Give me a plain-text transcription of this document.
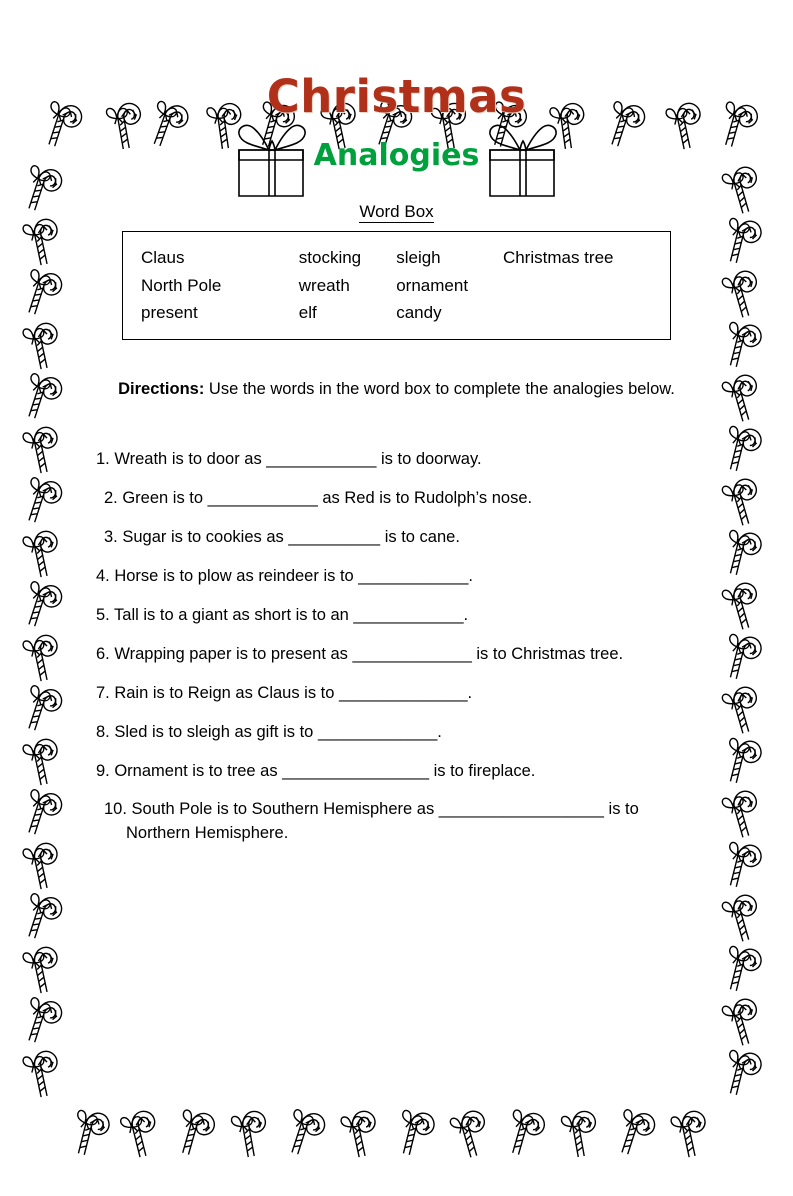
Christmas
Analogies
Word Box
Claus	stocking	sleigh	Christmas tree
North Pole	wreath	ornament
present	elf	candy
Directions: Use the words in the word box to complete the analogies below.
1. Wreath is to door as ____________ is to doorway.
2. Green is to ____________ as Red is to Rudolph’s nose.
3. Sugar is to cookies as __________ is to cane.
4. Horse is to plow as reindeer is to ____________.
5. Tall is to a giant as short is to an ____________.
6. Wrapping paper is to present as _____________ is to Christmas tree.
7. Rain is to Reign as Claus is to ______________.
8. Sled is to sleigh as gift is to _____________.
9. Ornament is to tree as ________________ is to fireplace.
10. South Pole is to Southern Hemisphere as __________________ is to
Northern Hemisphere.
